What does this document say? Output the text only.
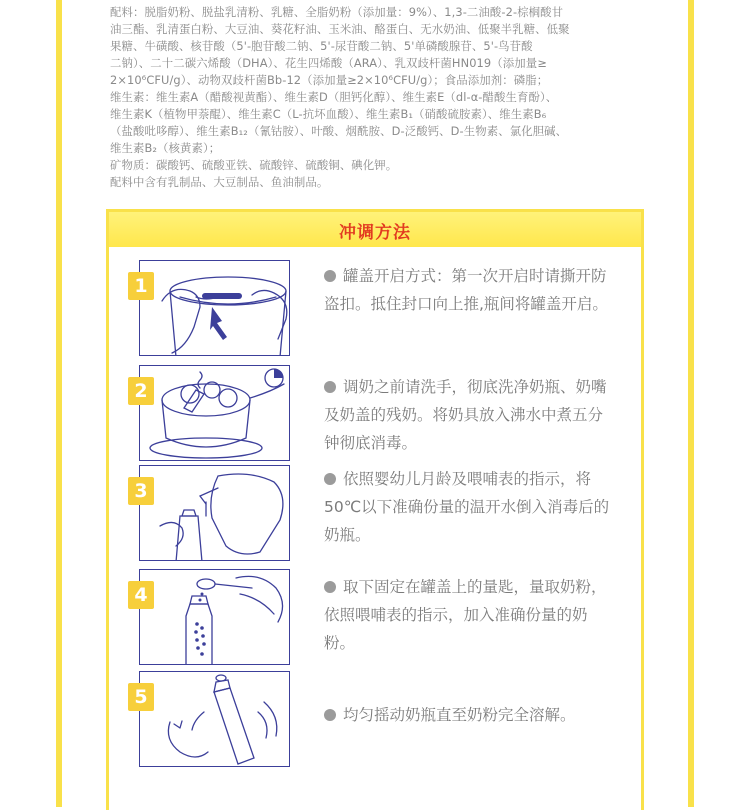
配料：脱脂奶粉、脱盐乳清粉、乳糖、全脂奶粉（添加量：9%）、1,3-二油酸-2-棕榈酸甘

油三酯、乳清蛋白粉、大豆油、葵花籽油、玉米油、酪蛋白、无水奶油、低聚半乳糖、低聚

果糖、牛磺酸、核苷酸（5'-胞苷酸二钠、5'-尿苷酸二钠、5'单磷酸腺苷、5'-鸟苷酸

二钠）、二十二碳六烯酸（DHA）、花生四烯酸（ARA）、乳双歧杆菌HN019（添加量≥

2×10⁶CFU/g）、动物双歧杆菌Bb-12（添加量≥2×10⁶CFU/g）；食品添加剂：磷脂；

维生素：维生素A（醋酸视黄酯）、维生素D（胆钙化醇）、维生素E（dl-α-醋酸生育酚）、

维生素K（植物甲萘醌）、维生素C（L-抗坏血酸）、维生素B₁（硝酸硫胺素）、维生素B₆

（盐酸吡哆醇）、维生素B₁₂（氰钴胺）、叶酸、烟酰胺、D-泛酸钙、D-生物素、氯化胆碱、

维生素B₂（核黄素）；

矿物质：碳酸钙、硫酸亚铁、硫酸锌、硫酸铜、碘化钾。

配料中含有乳制品、大豆制品、鱼油制品。

冲调方法
1	罐盖开启方式：第一次开启时请撕开防盗扣。抵住封口向上推,瓶间将罐盖开启。
2	调奶之前请洗手，彻底洗净奶瓶、奶嘴及奶盖的残奶。将奶具放入沸水中煮五分钟彻底消毒。
3
依照婴幼儿月龄及喂哺表的指示，将50℃以下准确份量的温开水倒入消毒后的奶瓶。
4	取下固定在罐盖上的量匙，量取奶粉，依照喂哺表的指示，加入准确份量的奶粉。
5
均匀摇动奶瓶直至奶粉完全溶解。
